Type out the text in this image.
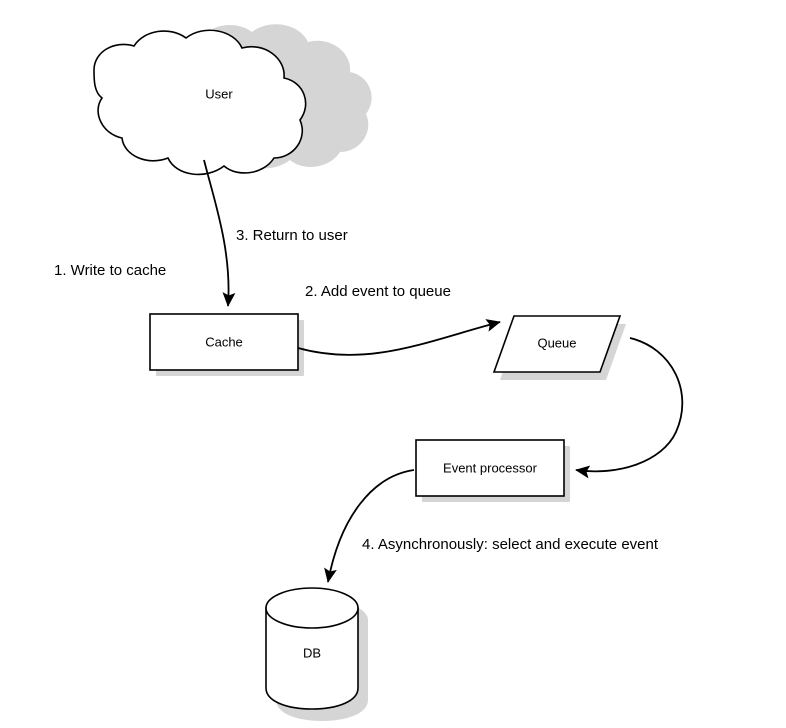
User
Cache	Queue
Event processor
DB
1. Write to cache
2. Add event to queue
3. Return to user
4. Asynchronously: select and execute event
